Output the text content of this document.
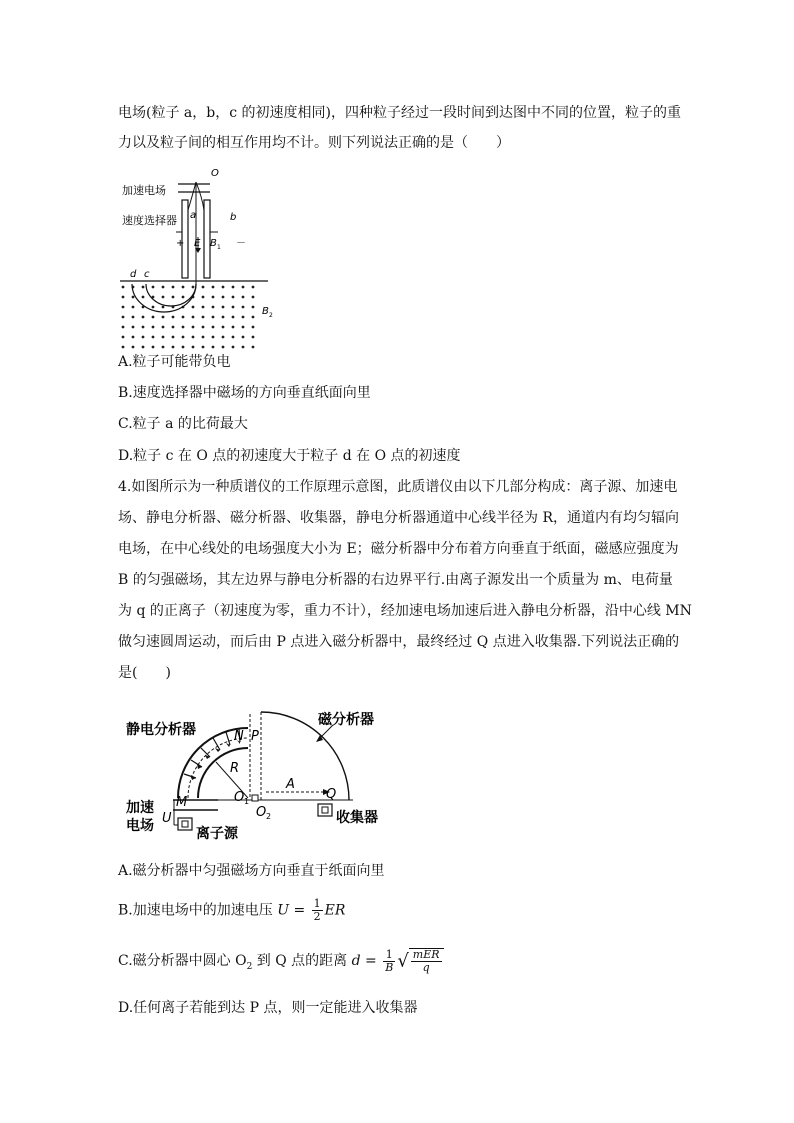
电场(粒子 a，b，c 的初速度相同)，四种粒子经过一段时间到达图中不同的位置，粒子的重
力以及粒子间的相互作用均不计。则下列说法正确的是（　　）
O
加速电场
速度选择器 a	b
+ E B 1 －
d c
B 2
A.粒子可能带负电
B.速度选择器中磁场的方向垂直纸面向里
C.粒子 a 的比荷最大
D.粒子 c 在 O 点的初速度大于粒子 d 在 O 点的初速度
4.如图所示为一种质谱仪的工作原理示意图，此质谱仪由以下几部分构成：离子源、加速电
场、静电分析器、磁分析器、收集器，静电分析器通道中心线半径为 R，通道内有均匀辐向
电场，在中心线处的电场强度大小为 E；磁分析器中分布着方向垂直于纸面，磁感应强度为
B 的匀强磁场，其左边界与静电分析器的右边界平行.由离子源发出一个质量为 m、电荷量
为 q 的正离子（初速度为零，重力不计），经加速电场加速后进入静电分析器，沿中心线 MN
做匀速圆周运动，而后由 P 点进入磁分析器中，最终经过 Q 点进入收集器.下列说法正确的
是(　　)
静电分析器
磁分析器
N P
R
A
O 1
O 2
Q
M
U
加速
电场	离子源
收集器
A.磁分析器中匀强磁场方向垂直于纸面向里
B.加速电场中的加速电压 $U = \frac{1}{2}$ ER
C.磁分析器中圆心 $O_2$ 到 Q 点的距离 $d = \frac{1}{B}$ √ $\frac{\text{mER}}{q}$
D.任何离子若能到达 P 点，则一定能进入收集器
